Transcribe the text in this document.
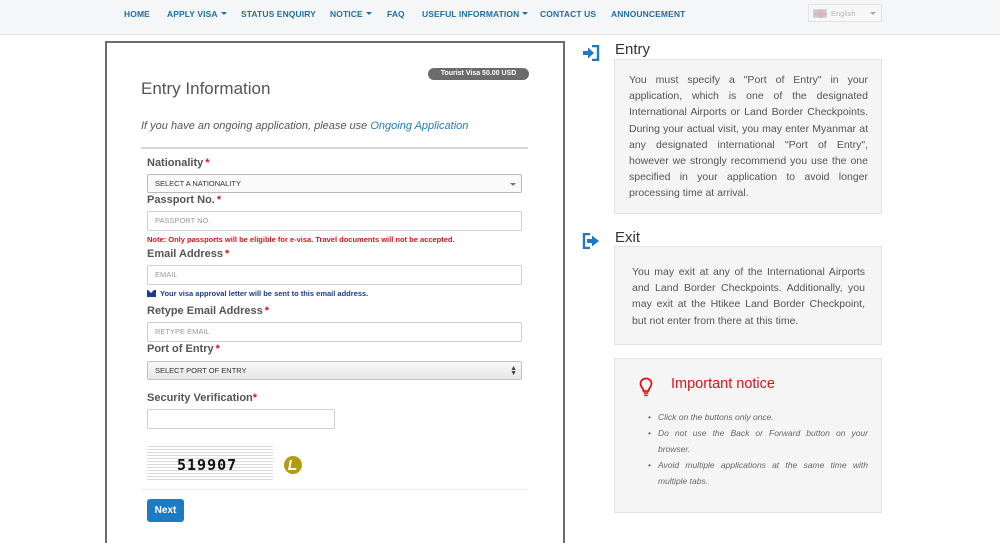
HOME APPLY VISA	STATUS ENQUIRY NOTICE	FAQ USEFUL INFORMATION	CONTACT US ANNOUNCEMENT	English
Tourist Visa 50.00 USD
Entry Information
If you have an ongoing application, please use Ongoing Application
Nationality *
SELECT A NATIONALITY
Passport No. *
PASSPORT NO.
Note: Only passports will be eligible for e-visa. Travel documents will not be accepted.
Email Address *
EMAIL
Your visa approval letter will be sent to this email address.
Retype Email Address *
RETYPE EMAIL
Port of Entry *
SELECT PORT OF ENTRY	▲
▼
Security Verification*
519907
Next
Entry
You must specify a "Port of Entry" in your application, which is one of the designated International Airports or Land Border Checkpoints. During your actual visit, you may enter Myanmar at any designated international "Port of Entry", however we strongly recommend you use the one specified in your application to avoid longer processing time at arrival.
Exit
You may exit at any of the International Airports and Land Border Checkpoints. Additionally, you may exit at the Htikee Land Border Checkpoint, but not enter from there at this time.
Important notice
• Click on the buttons only once.
• Do not use the Back or Forward button on your browser.
• Avoid multiple applications at the same time with multiple tabs.
